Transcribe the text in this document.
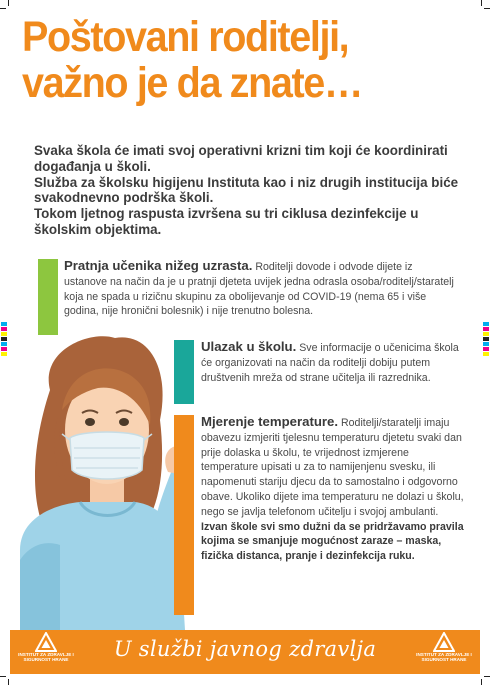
Poštovani roditelji,
važno je da znate…

Svaka škola će imati svoj operativni krizni tim koji će koordinirati događanja u školi.

Služba za školsku higijenu Instituta kao i niz drugih institucija biće svakodnevno podrška školi.

Tokom ljetnog raspusta izvršena su tri ciklusa dezinfekcije u školskim objektima.

Pratnja učenika nižeg uzrasta. Roditelji dovode i odvode dijete iz ustanove na način da je u pratnji djeteta uvijek jedna odrasla osoba/roditelj/staratelj koja ne spada u rizičnu skupinu za obolijevanje od COVID-19 (nema 65 i više godina, nije hronični bolesnik) i nije trenutno bolesna.
Ulazak u školu. Sve informacije o učenicima škola će organizovati na način da roditelji dobiju putem društvenih mreža od strane učitelja ili razrednika.
Mjerenje temperature. Roditelji/staratelji imaju obavezu izmjeriti tjelesnu temperaturu djetetu svaki dan prije dolaska u školu, te vrijednost izmjerene temperature upisati u za to namijenjenu svesku, ili napomenuti stariju djecu da to samostalno i odgovorno obave. Ukoliko dijete ima temperaturu ne dolazi u školu, nego se javlja telefonom učitelju i svojoj ambulanti.
Izvan škole svi smo dužni da se pridržavamo pravila kojima se smanjuje mogućnost zaraze – maska, fizička distanca, pranje i dezinfekcija ruku.
INSTITUT ZA ZDRAVLJE I SIGURNOST HRANE	U službi javnog zdravlja	INSTITUT ZA ZDRAVLJE I SIGURNOST HRANE
